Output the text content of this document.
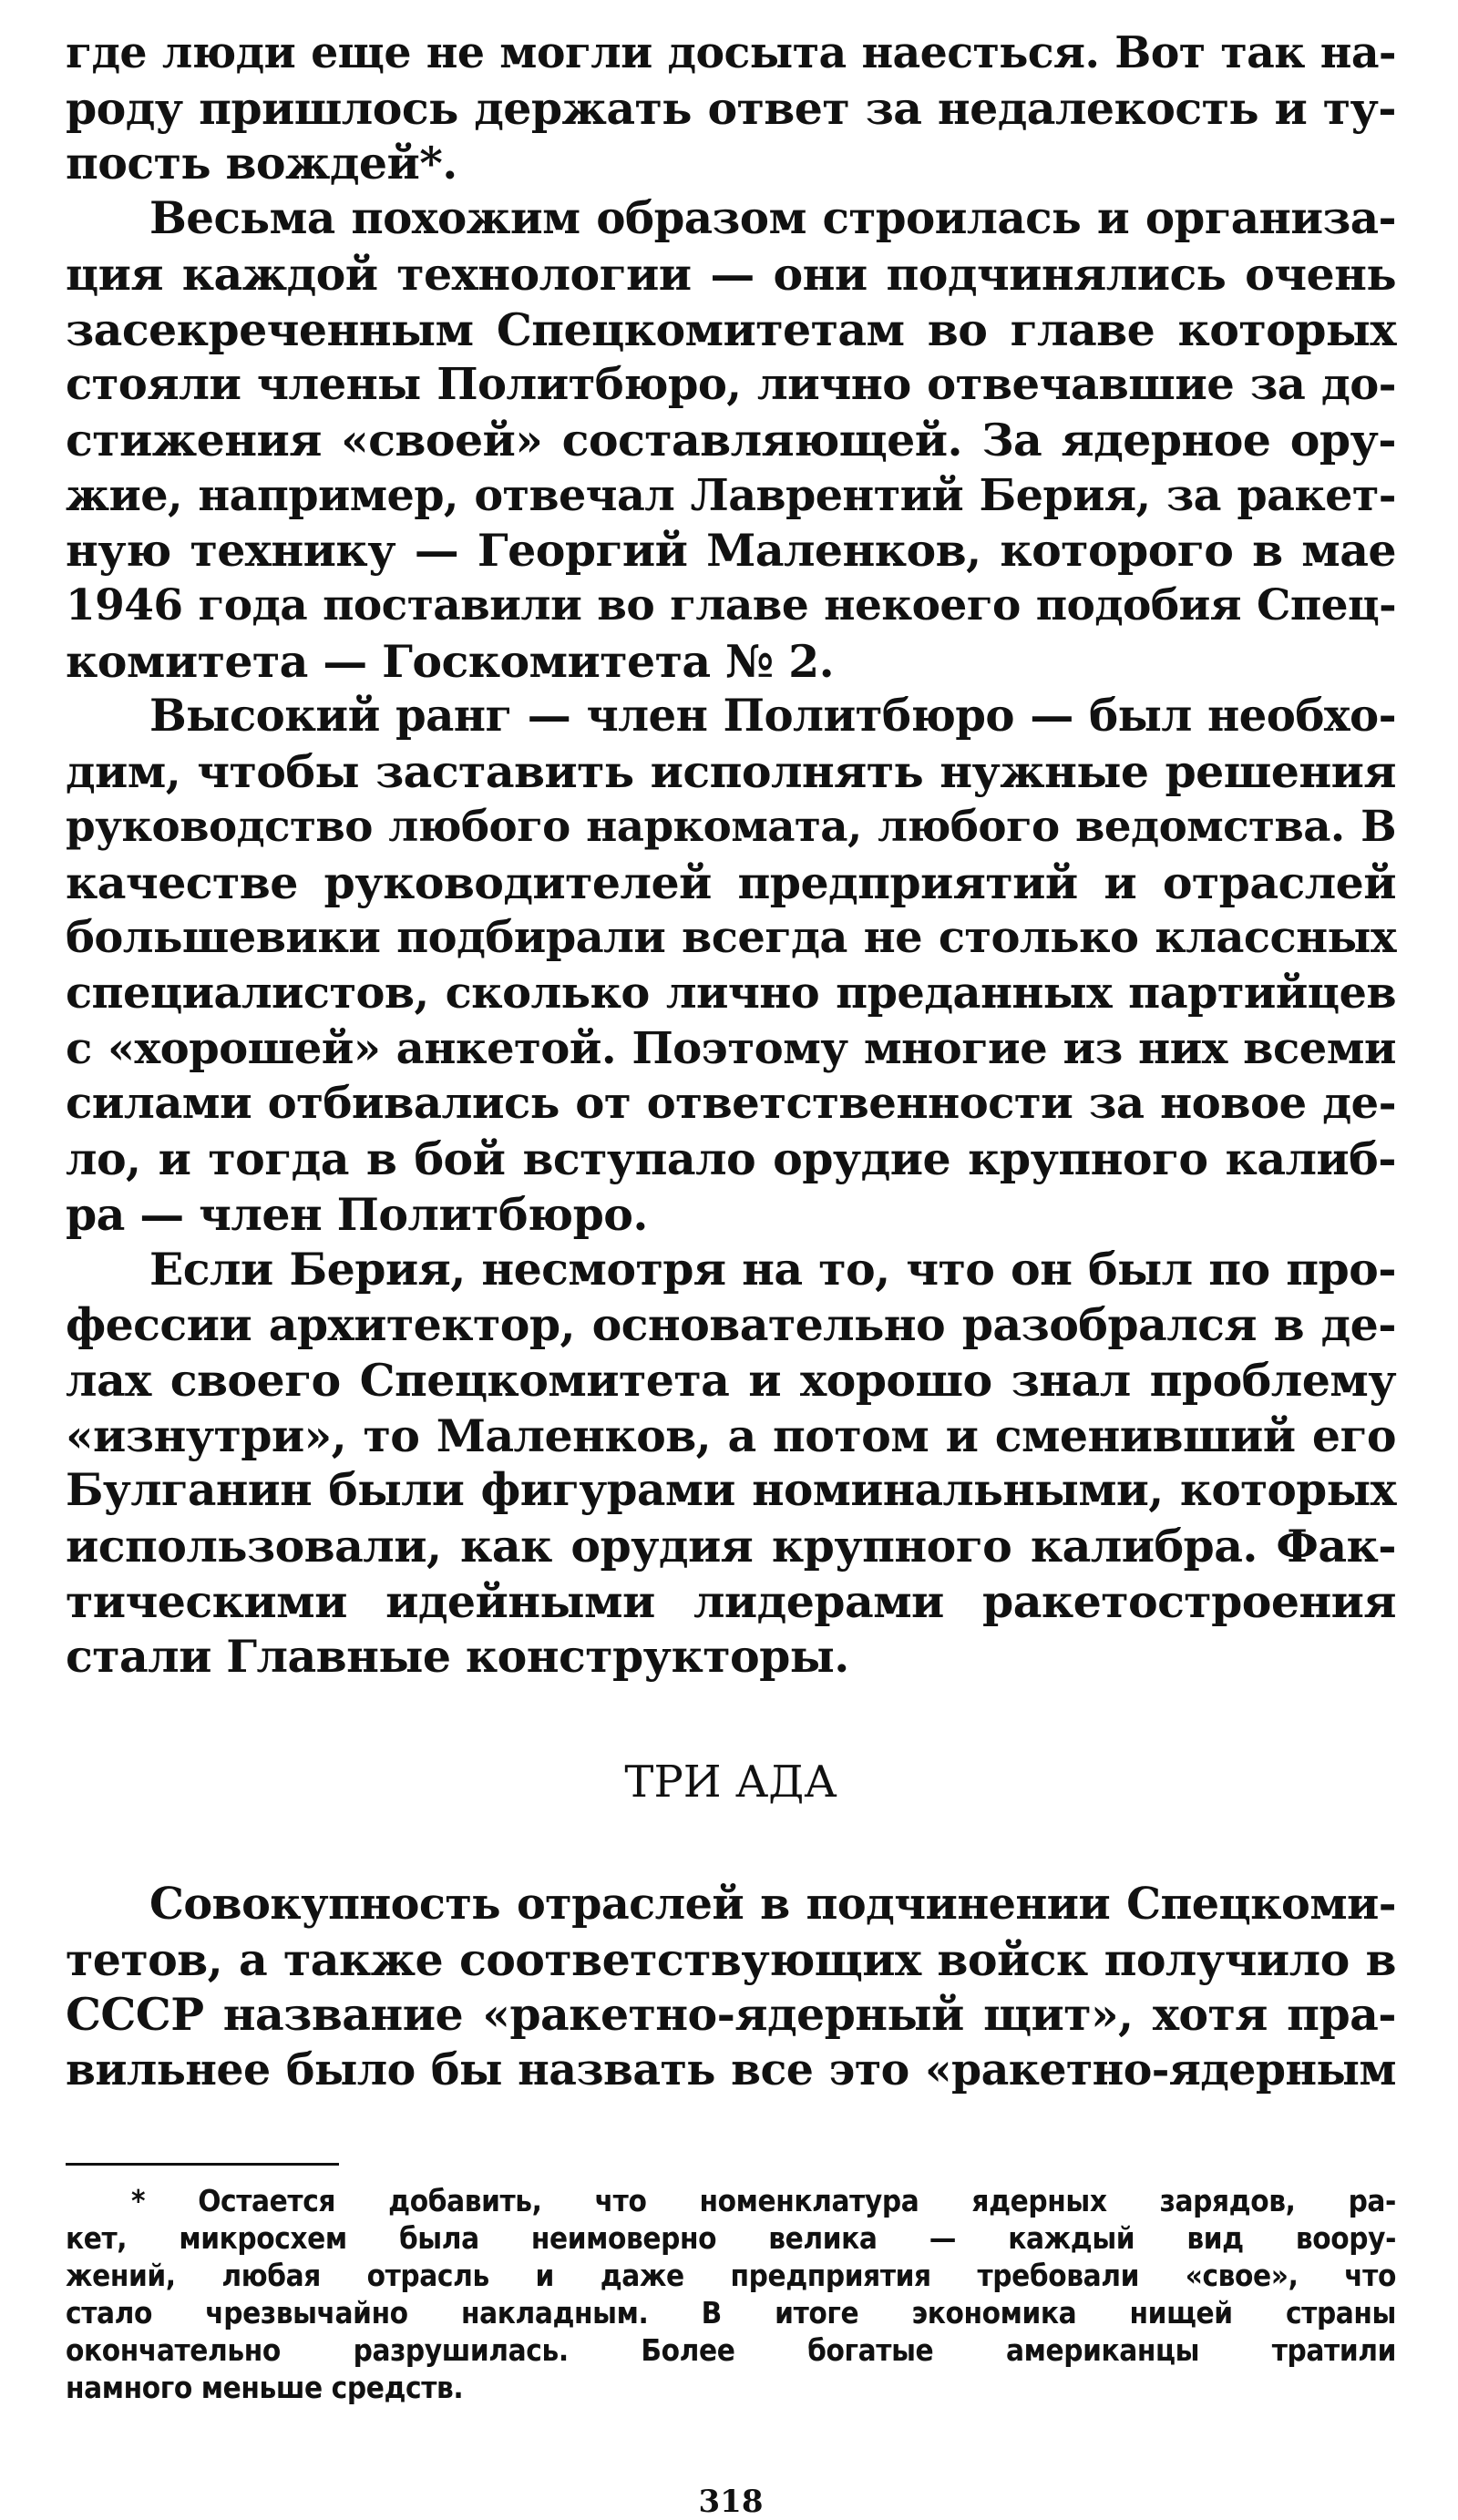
где люди еще не могли досыта наесться. Вот так на-
роду пришлось держать ответ за недалекость и ту-
пость вождей*.

Весьма похожим образом строилась и организа-
ция каждой технологии — они подчинялись очень
засекреченным Спецкомитетам во главе которых
стояли члены Политбюро, лично отвечавшие за до-
стижения «своей» составляющей. За ядерное ору-
жие, например, отвечал Лаврентий Берия, за ракет-
ную технику — Георгий Маленков, которого в мае
1946 года поставили во главе некоего подобия Спец-
комитета — Госкомитета № 2.

Высокий ранг — член Политбюро — был необхо-
дим, чтобы заставить исполнять нужные решения
руководство любого наркомата, любого ведомства. В
качестве руководителей предприятий и отраслей
большевики подбирали всегда не столько классных
специалистов, сколько лично преданных партийцев
с «хорошей» анкетой. Поэтому многие из них всеми
силами отбивались от ответственности за новое де-
ло, и тогда в бой вступало орудие крупного калиб-
ра — член Политбюро.

Если Берия, несмотря на то, что он был по про-
фессии архитектор, основательно разобрался в де-
лах своего Спецкомитета и хорошо знал проблему
«изнутри», то Маленков, а потом и сменивший его
Булганин были фигурами номинальными, которых
использовали, как орудия крупного калибра. Фак-
тическими идейными лидерами ракетостроения
стали Главные конструкторы.

ТРИ АДА

Совокупность отраслей в подчинении Спецкоми-
тетов, а также соответствующих войск получило в
СССР название «ракетно-ядерный щит», хотя пра-
вильнее было бы назвать все это «ракетно-ядерным

* Остается добавить, что номенклатура ядерных зарядов, ра-
кет, микросхем была неимоверно велика — каждый вид воору-
жений, любая отрасль и даже предприятия требовали «свое», что
стало чрезвычайно накладным. В итоге экономика нищей страны
окончательно разрушилась. Более богатые американцы тратили
намного меньше средств.

318
